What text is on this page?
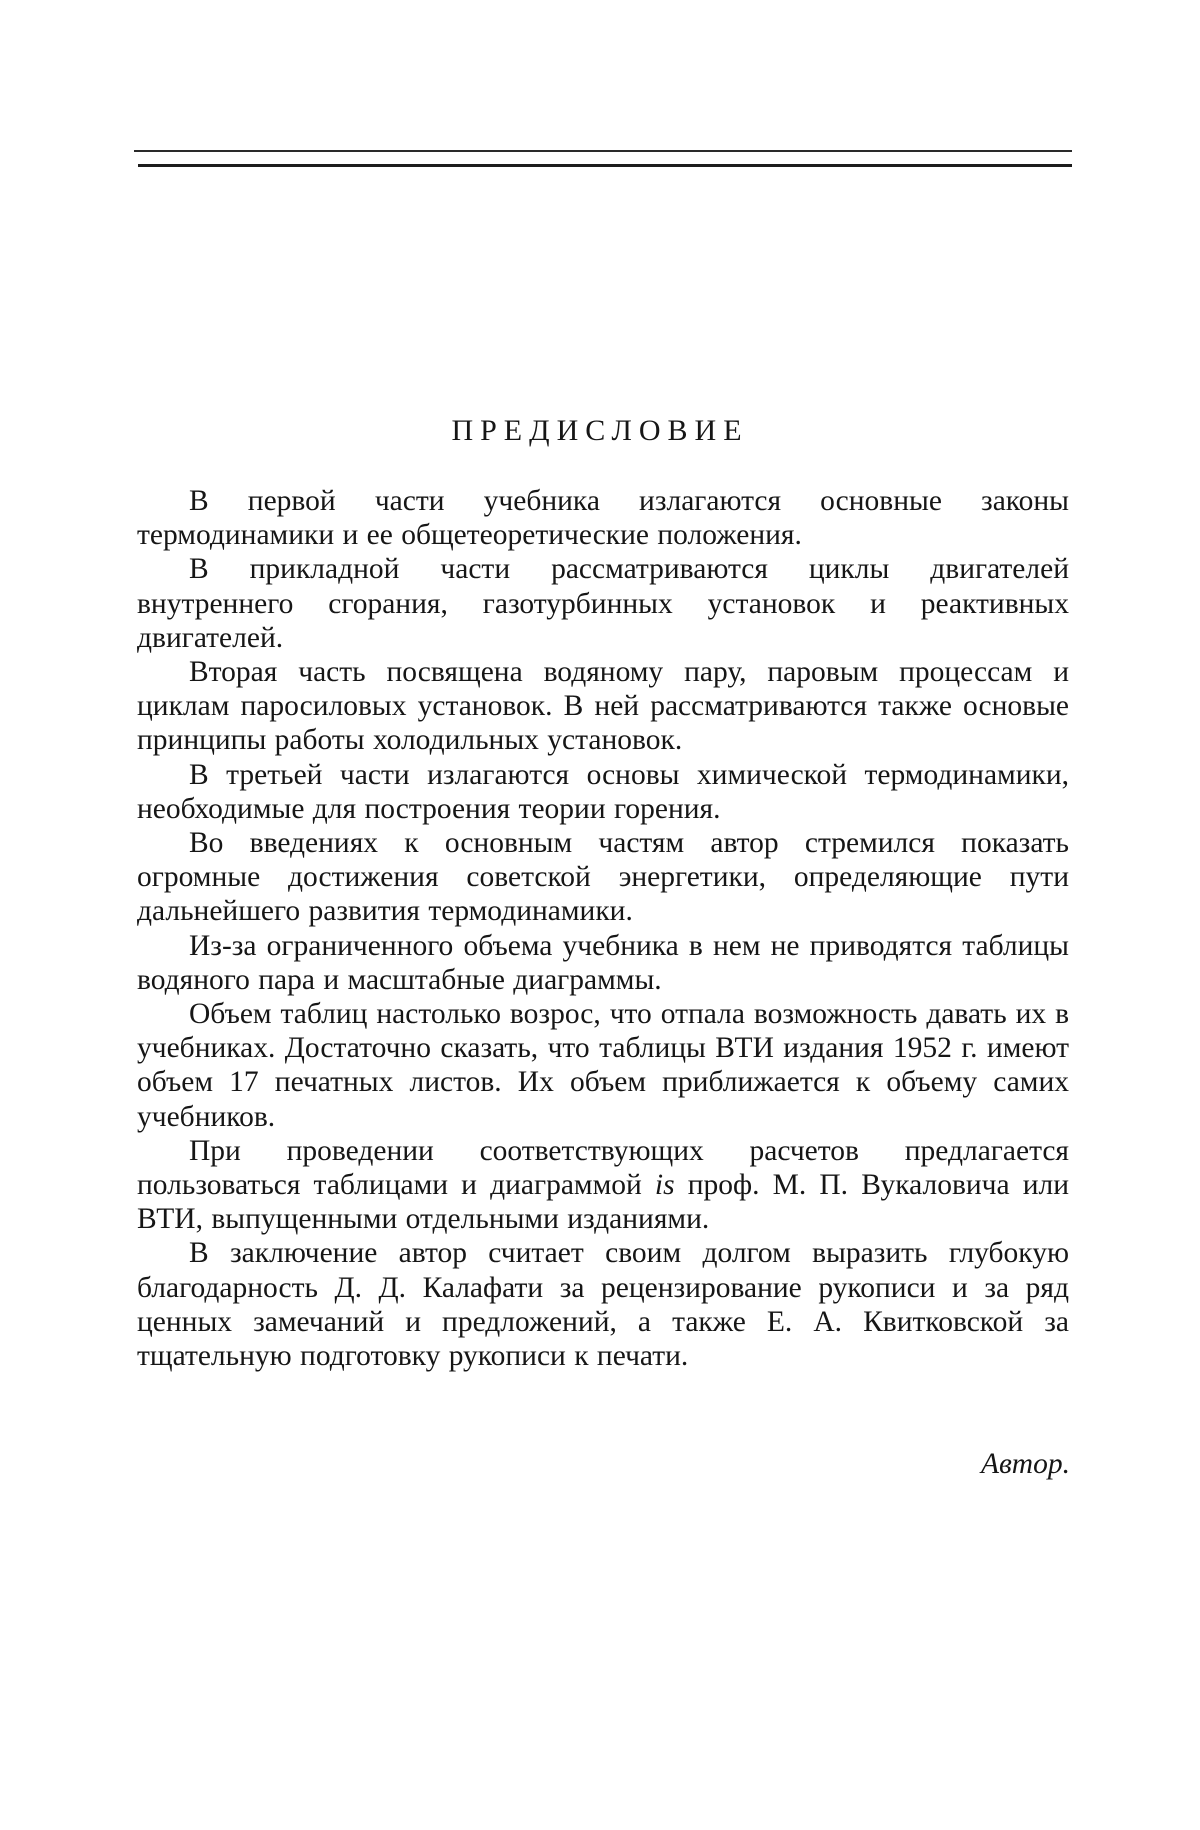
ПРЕДИСЛОВИЕ

В первой части учебника излагаются основные законы термодинамики и ее общетеоретические положения.

В прикладной части рассматриваются циклы двигателей внутреннего сгорания, газотурбинных установок и реактивных двигателей.

Вторая часть посвящена водяному пару, паровым процессам и циклам паросиловых установок. В ней рассматриваются также основые принципы работы холодильных установок.

В третьей части излагаются основы химической термодинамики, необходимые для построения теории горения.

Во введениях к основным частям автор стремился показать огромные достижения советской энергетики, определяющие пути дальнейшего развития термодинамики.

Из-за ограниченного объема учебника в нем не приводятся таблицы водяного пара и масштабные диаграммы.

Объем таблиц настолько возрос, что отпала возможность давать их в учебниках. Достаточно сказать, что таблицы ВТИ издания 1952 г. имеют объем 17 печатных листов. Их объем приближается к объему самих учебников.

При проведении соответствующих расчетов предлагается пользоваться таблицами и диаграммой is проф. М. П. Вукаловича или ВТИ, выпущенными отдельными изданиями.

В заключение автор считает своим долгом выразить глубокую благодарность Д. Д. Калафати за рецензирование рукописи и за ряд ценных замечаний и предложений, а также Е. А. Квитковской за тщательную подготовку рукописи к печати.

Автор.
